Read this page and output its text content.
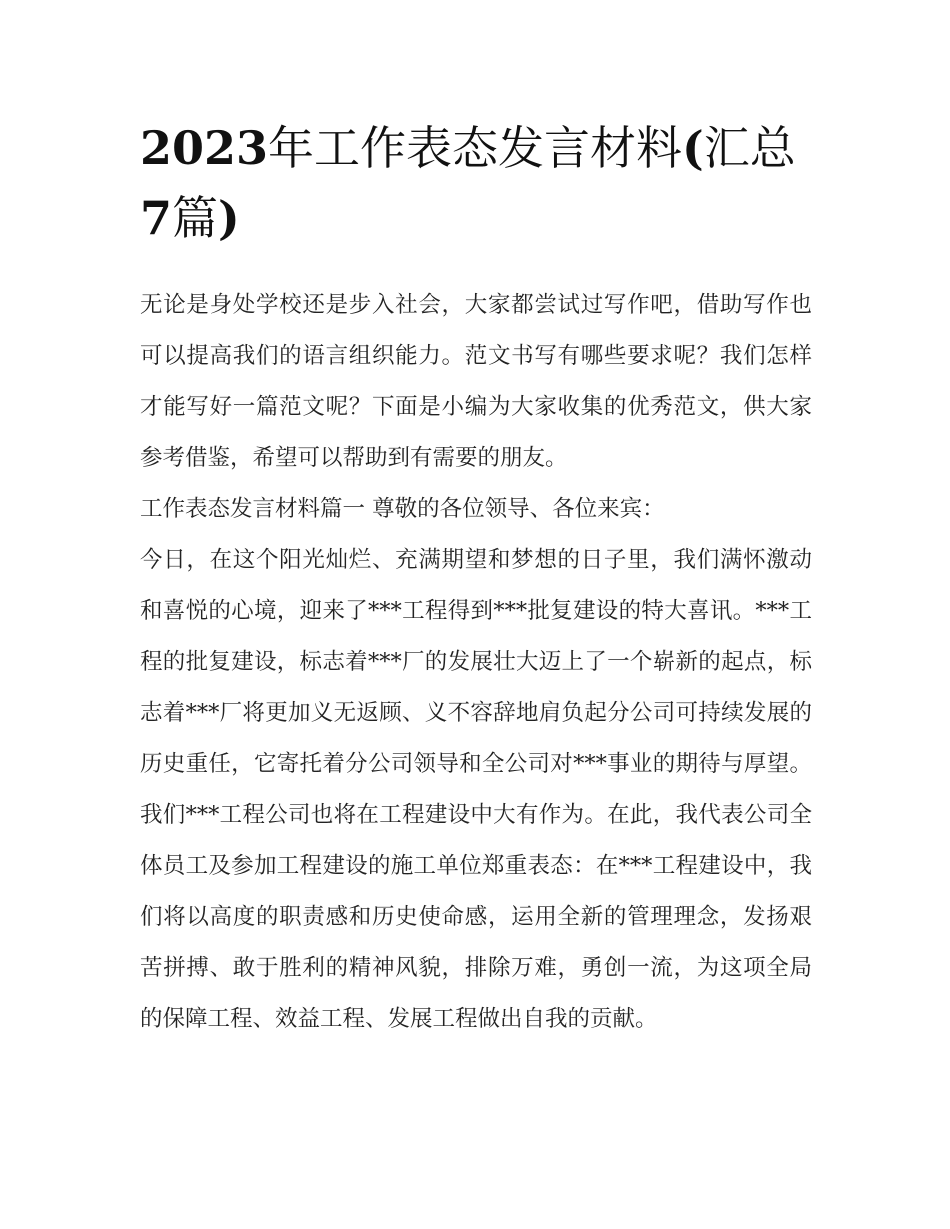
2023年工作表态发言材料(汇总7篇)

无论是身处学校还是步入社会，大家都尝试过写作吧，借助写作也可以提高我们的语言组织能力。范文书写有哪些要求呢？我们怎样才能写好一篇范文呢？下面是小编为大家收集的优秀范文，供大家参考借鉴，希望可以帮助到有需要的朋友。

工作表态发言材料篇一 尊敬的各位领导、各位来宾：

今日，在这个阳光灿烂、充满期望和梦想的日子里，我们满怀激动和喜悦的心境，迎来了***工程得到***批复建设的特大喜讯。***工程的批复建设，标志着***厂的发展壮大迈上了一个崭新的起点，标志着***厂将更加义无返顾、义不容辞地肩负起分公司可持续发展的历史重任，它寄托着分公司领导和全公司对***事业的期待与厚望。我们***工程公司也将在工程建设中大有作为。在此，我代表公司全体员工及参加工程建设的施工单位郑重表态：在***工程建设中，我们将以高度的职责感和历史使命感，运用全新的管理理念，发扬艰苦拼搏、敢于胜利的精神风貌，排除万难，勇创一流，为这项全局的保障工程、效益工程、发展工程做出自我的贡献。
